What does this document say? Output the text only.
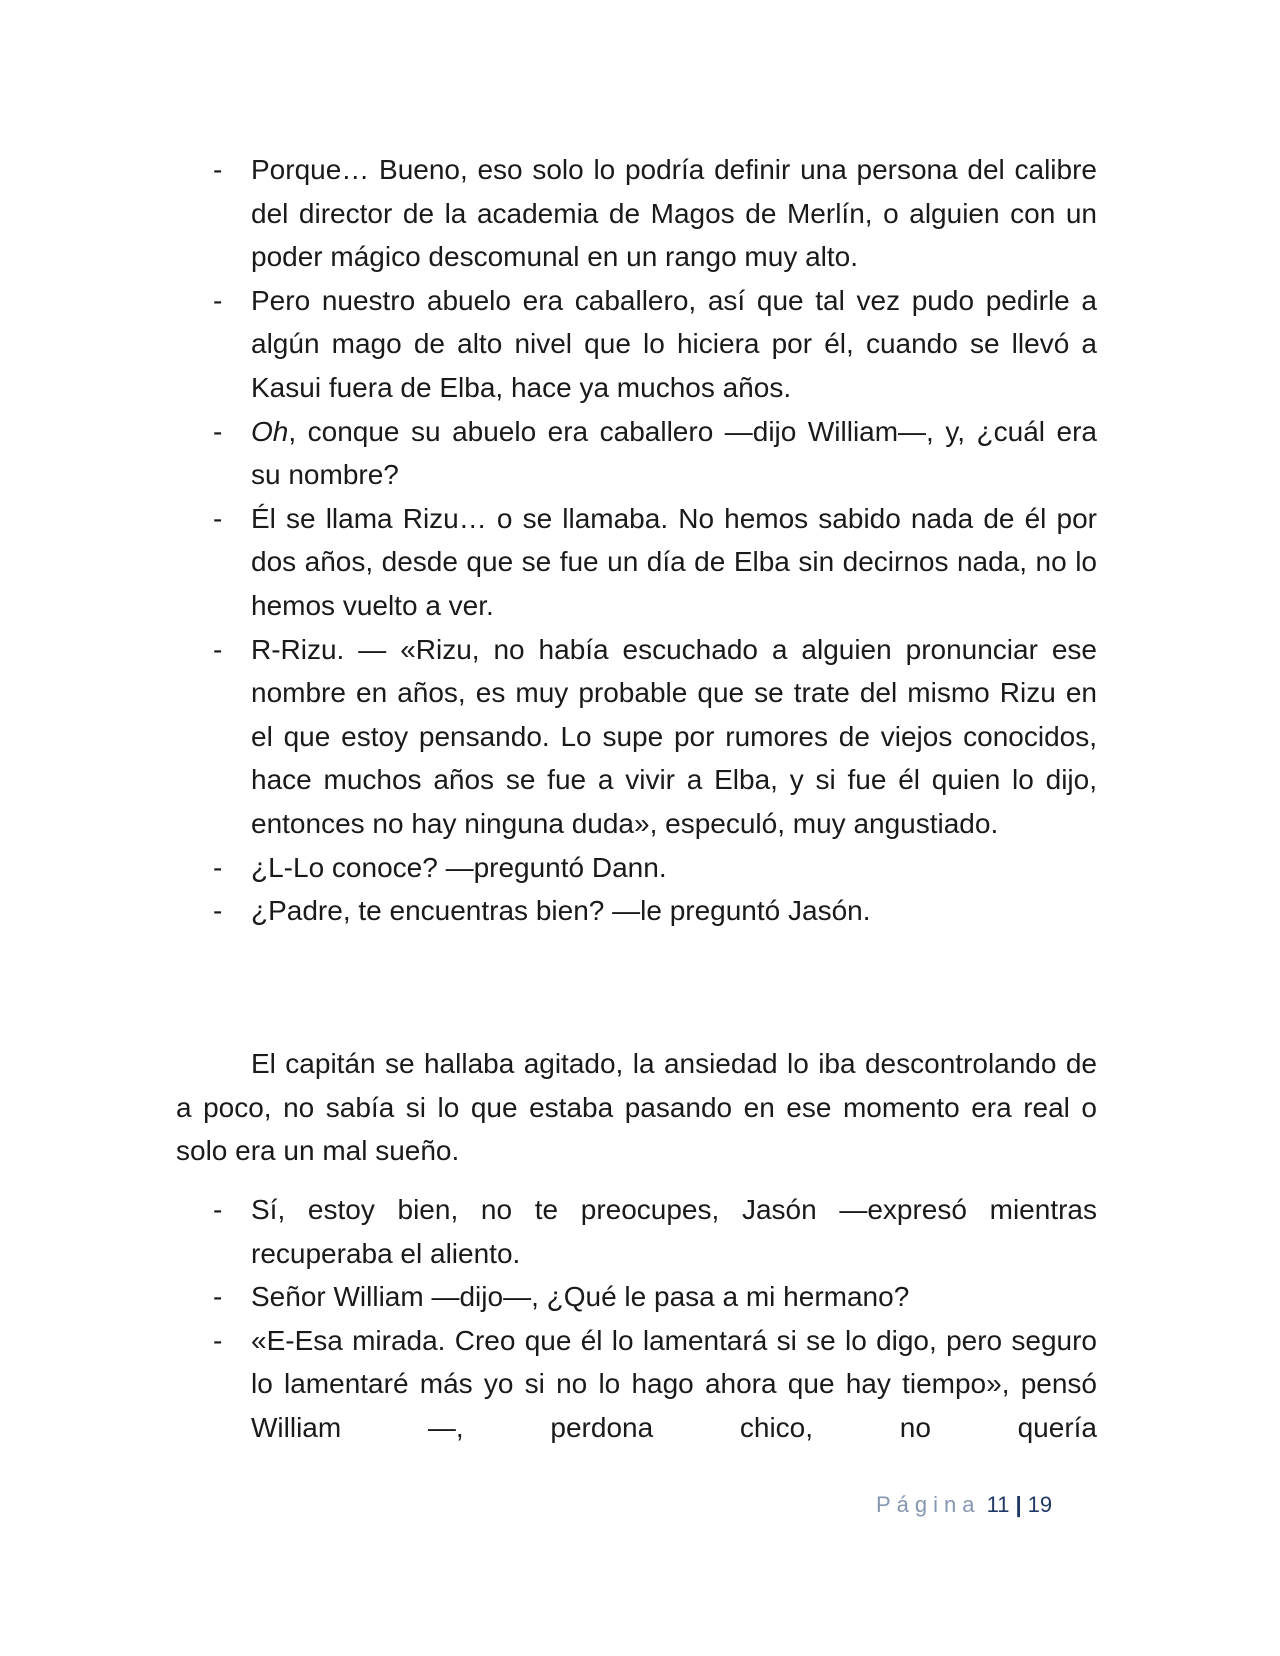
- Porque… Bueno, eso solo lo podría definir una persona del calibre del director de la academia de Magos de Merlín, o alguien con un poder mágico descomunal en un rango muy alto.
- Pero nuestro abuelo era caballero, así que tal vez pudo pedirle a algún mago de alto nivel que lo hiciera por él, cuando se llevó a Kasui fuera de Elba, hace ya muchos años.
- Oh, conque su abuelo era caballero —dijo William—, y, ¿cuál era su nombre?
- Él se llama Rizu… o se llamaba. No hemos sabido nada de él por dos años, desde que se fue un día de Elba sin decirnos nada, no lo hemos vuelto a ver.
- R-Rizu. — «Rizu, no había escuchado a alguien pronunciar ese nombre en años, es muy probable que se trate del mismo Rizu en el que estoy pensando. Lo supe por rumores de viejos conocidos, hace muchos años se fue a vivir a Elba, y si fue él quien lo dijo, entonces no hay ninguna duda», especuló, muy angustiado.
- ¿L-Lo conoce? —preguntó Dann.
- ¿Padre, te encuentras bien? —le preguntó Jasón.

El capitán se hallaba agitado, la ansiedad lo iba descontrolando de a poco, no sabía si lo que estaba pasando en ese momento era real o solo era un mal sueño.

- Sí, estoy bien, no te preocupes, Jasón —expresó mientras recuperaba el aliento.
- Señor William —dijo—, ¿Qué le pasa a mi hermano?
- «E-Esa mirada. Creo que él lo lamentará si se lo digo, pero seguro lo lamentaré más yo si no lo hago ahora que hay tiempo», pensó William —, perdona chico, no quería
Página 11 | 19
